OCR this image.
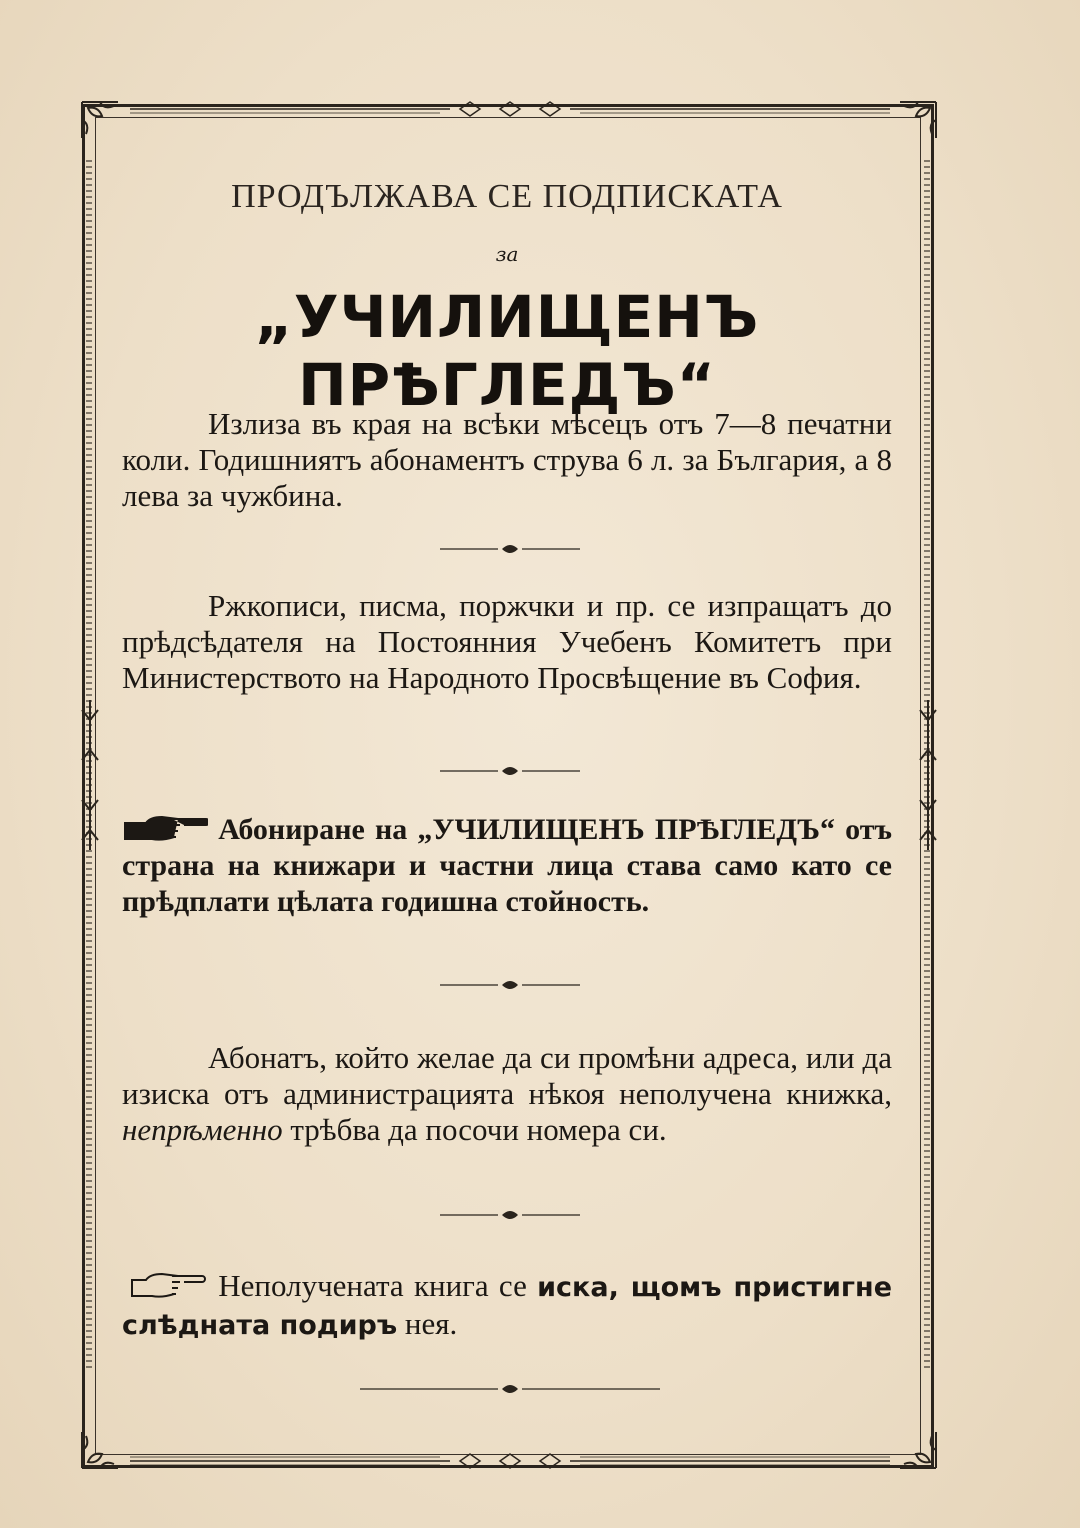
ПРОДЪЛЖАВА СЕ ПОДПИСКАТА
за
„УЧИЛИЩЕНЪ ПРѢГЛЕДЪ“
Излиза въ края на всѣки мѣсецъ отъ 7—8 печатни коли. Годишниятъ абонаментъ струва 6 л. за България, а 8 лева за чужбина.
Ржкописи, писма, поржчки и пр. се изпращатъ до прѣдсѣдателя на Постоянния Учебенъ Комитетъ при Министерството на Народното Просвѣщение въ София.
Абониране на „УЧИЛИЩЕНЪ ПРѢГЛЕДЪ“ отъ страна на книжари и частни лица става само като се прѣдплати цѣлата годишна стойность.
Абонатъ, който желае да си промѣни адреса, или да изиска отъ администрацията нѣкоя неполучена книжка, непрѣменно трѣбва да посочи номера си.
Неполучената книга се иска, щомъ пристигне слѣдната подиръ нея.
